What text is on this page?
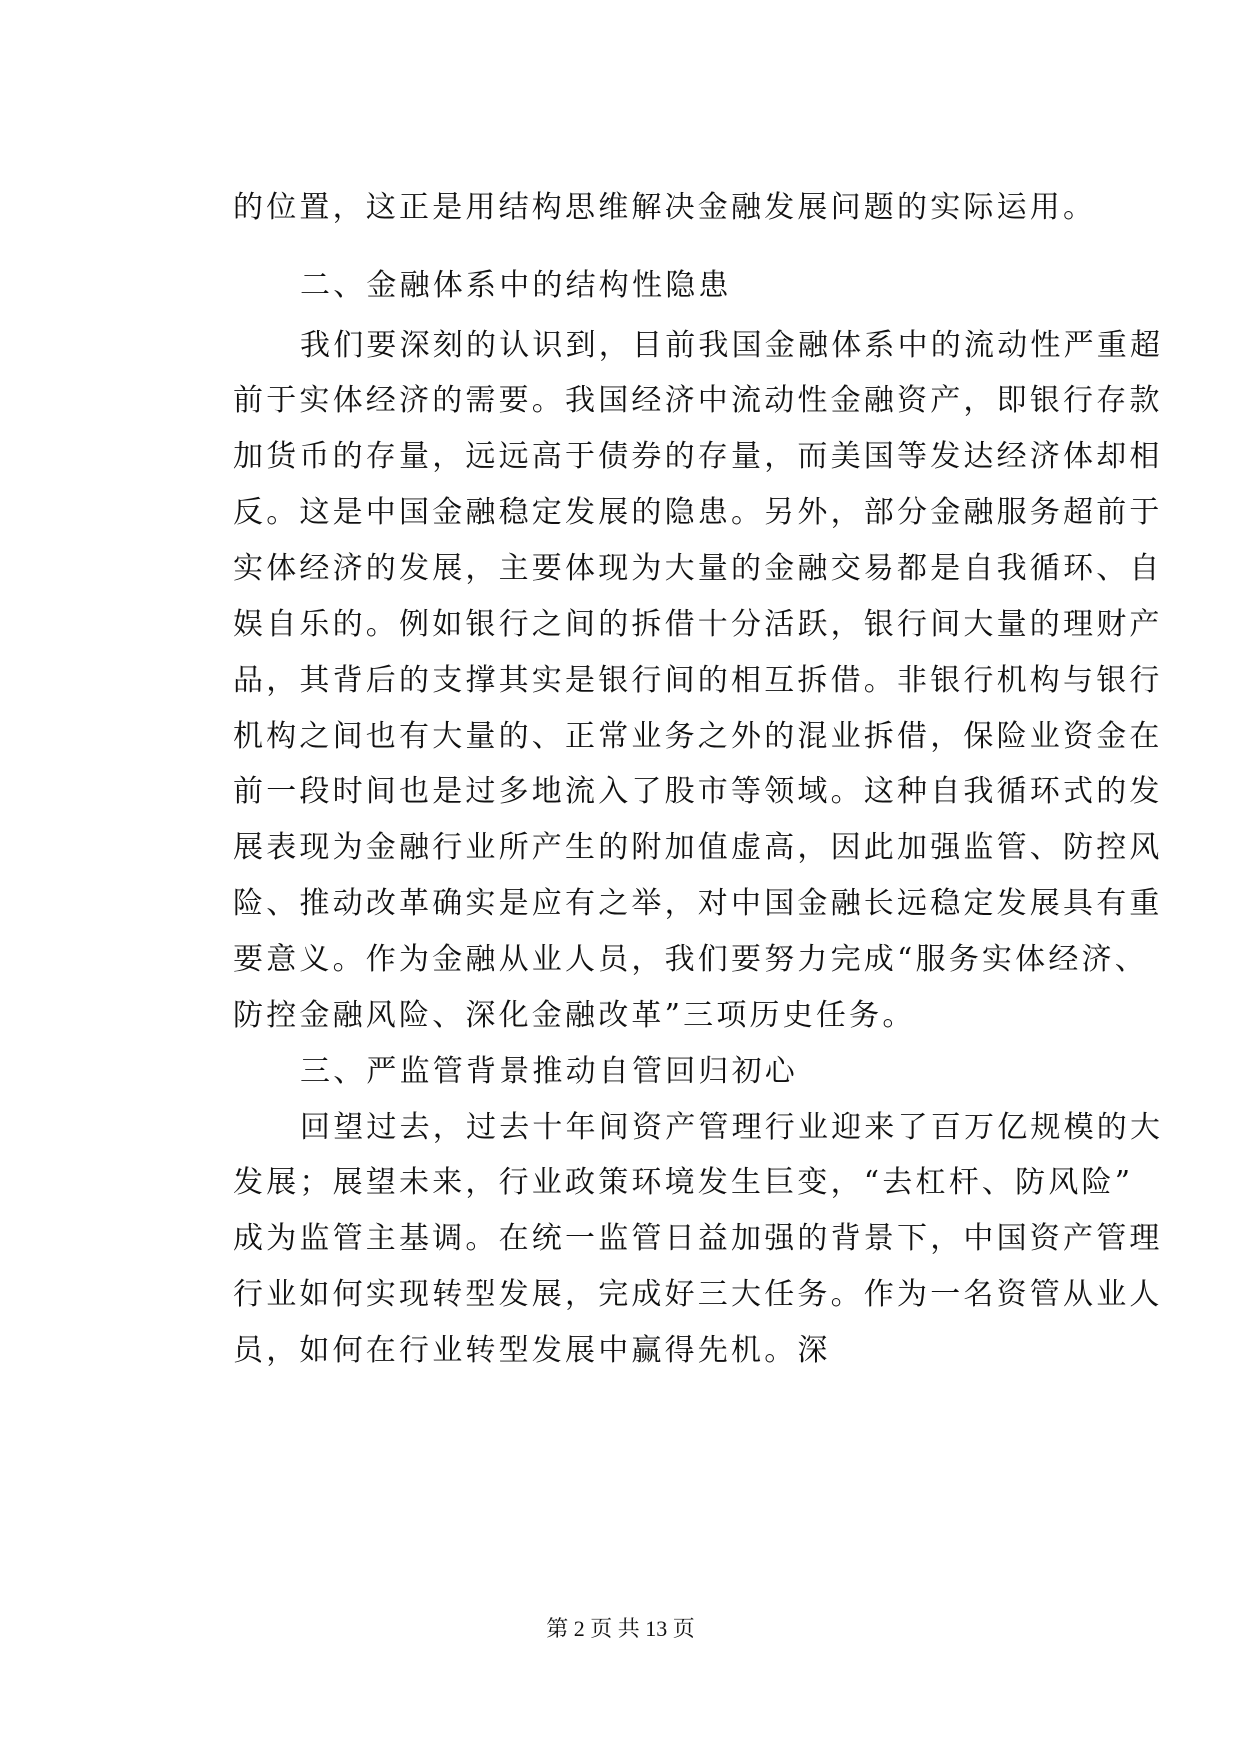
的位置，这正是用结构思维解决金融发展问题的实际运用。
二、金融体系中的结构性隐患
我们要深刻的认识到，目前我国金融体系中的流动性严重超
前于实体经济的需要。我国经济中流动性金融资产，即银行存款
加货币的存量，远远高于债券的存量，而美国等发达经济体却相
反。这是中国金融稳定发展的隐患。另外，部分金融服务超前于
实体经济的发展，主要体现为大量的金融交易都是自我循环、自
娱自乐的。例如银行之间的拆借十分活跃，银行间大量的理财产
品，其背后的支撑其实是银行间的相互拆借。非银行机构与银行
机构之间也有大量的、正常业务之外的混业拆借，保险业资金在
前一段时间也是过多地流入了股市等领域。这种自我循环式的发
展表现为金融行业所产生的附加值虚高，因此加强监管、防控风
险、推动改革确实是应有之举，对中国金融长远稳定发展具有重
要意义。作为金融从业人员，我们要努力完成“服务实体经济、
防控金融风险、深化金融改革”三项历史任务。
三、严监管背景推动自管回归初心
回望过去，过去十年间资产管理行业迎来了百万亿规模的大
发展；展望未来，行业政策环境发生巨变，“去杠杆、防风险”
成为监管主基调。在统一监管日益加强的背景下，中国资产管理
行业如何实现转型发展，完成好三大任务。作为一名资管从业人
员，如何在行业转型发展中赢得先机。深
第 2 页 共 13 页
